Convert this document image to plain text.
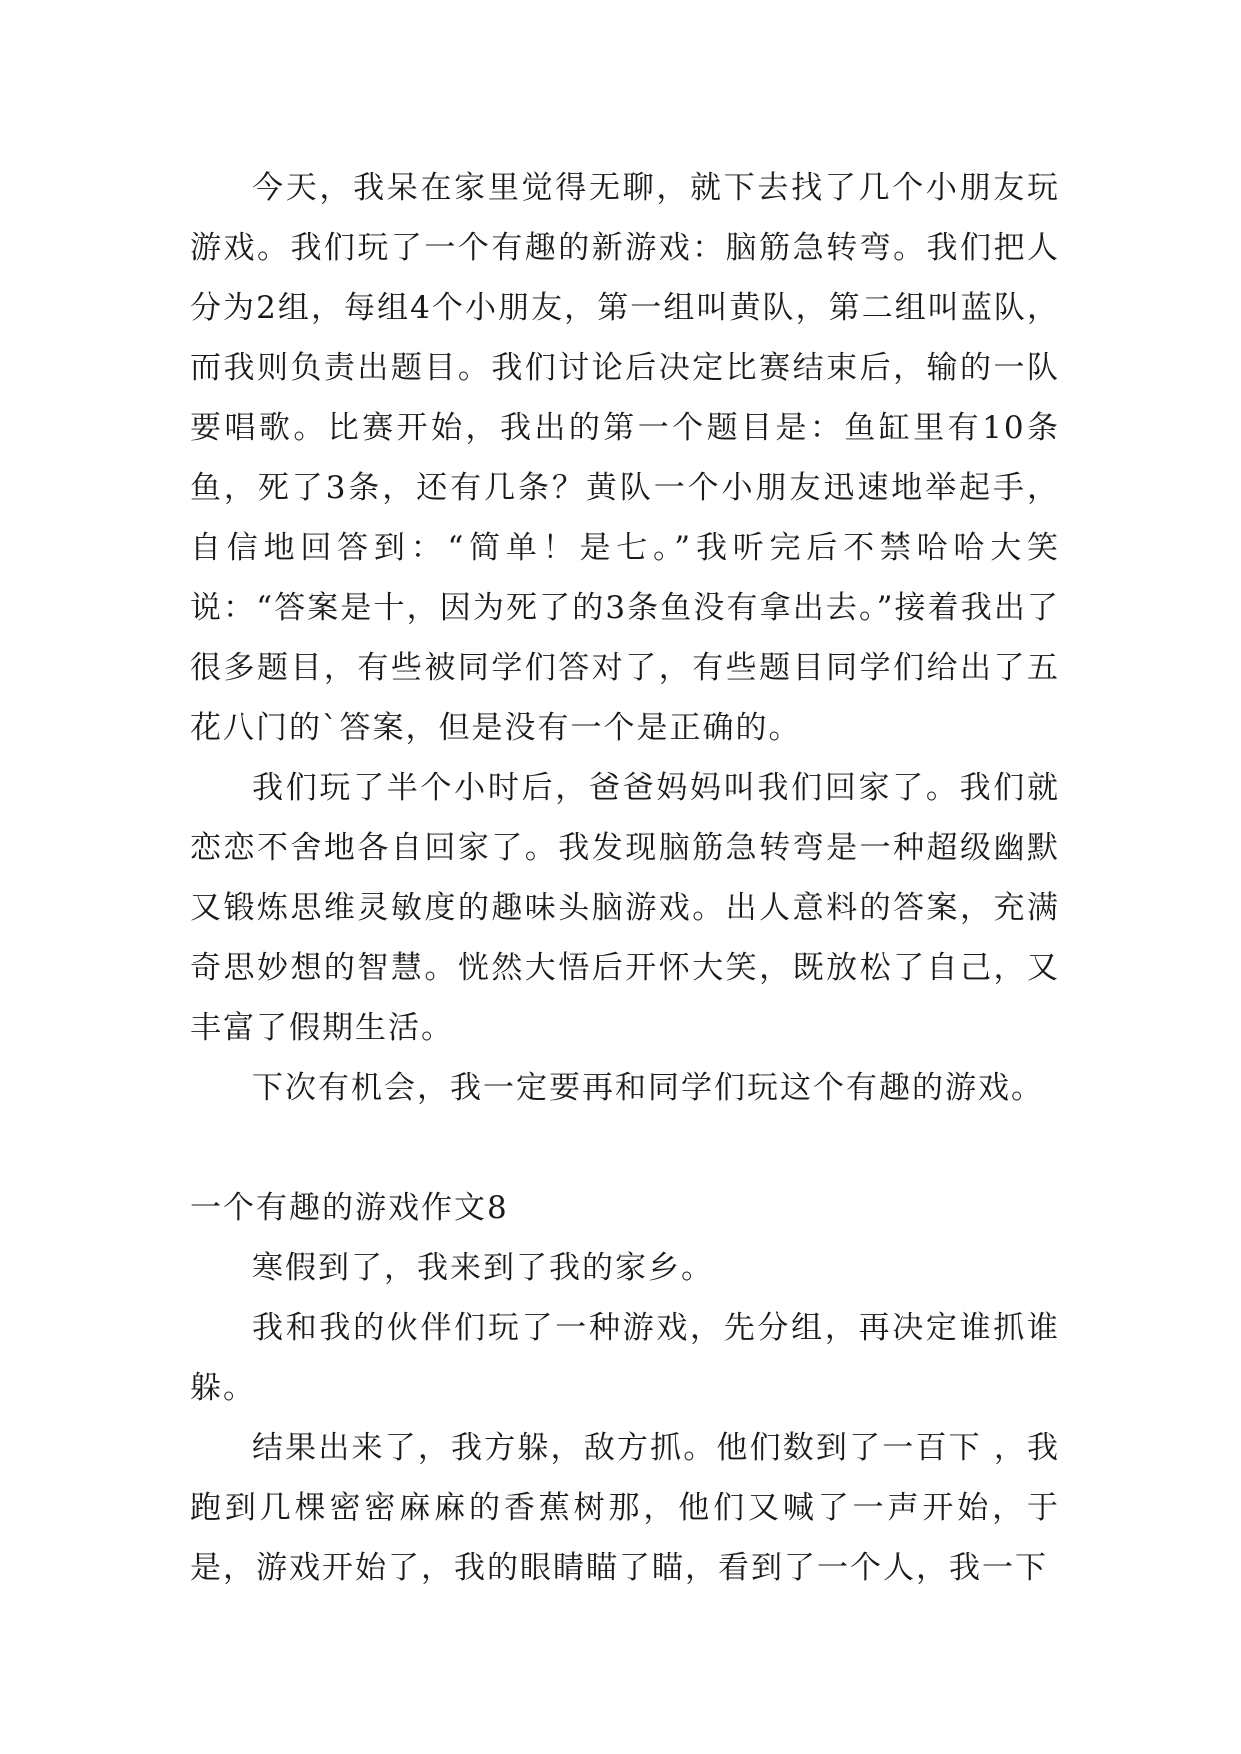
今天，我呆在家里觉得无聊，就下去找了几个小朋友玩游戏。我们玩了一个有趣的新游戏：脑筋急转弯。我们把人分为2组，每组4个小朋友，第一组叫黄队，第二组叫蓝队，而我则负责出题目。我们讨论后决定比赛结束后，输的一队要唱歌。比赛开始，我出的第一个题目是：鱼缸里有10条鱼，死了3条，还有几条？黄队一个小朋友迅速地举起手，自信地回答到：“简单！是七。”我听完后不禁哈哈大笑说：“答案是十，因为死了的3条鱼没有拿出去。”接着我出了很多题目，有些被同学们答对了，有些题目同学们给出了五花八门的`答案，但是没有一个是正确的。

我们玩了半个小时后，爸爸妈妈叫我们回家了。我们就恋恋不舍地各自回家了。我发现脑筋急转弯是一种超级幽默又锻炼思维灵敏度的趣味头脑游戏。出人意料的答案，充满奇思妙想的智慧。恍然大悟后开怀大笑，既放松了自己，又丰富了假期生活。

下次有机会，我一定要再和同学们玩这个有趣的游戏。

一个有趣的游戏作文8

寒假到了，我来到了我的家乡。

我和我的伙伴们玩了一种游戏，先分组，再决定谁抓谁躲。

结果出来了，我方躲，敌方抓。他们数到了一百下 ，我跑到几棵密密麻麻的香蕉树那，他们又喊了一声开始，于是，游戏开始了，我的眼睛瞄了瞄，看到了一个人，我一下
